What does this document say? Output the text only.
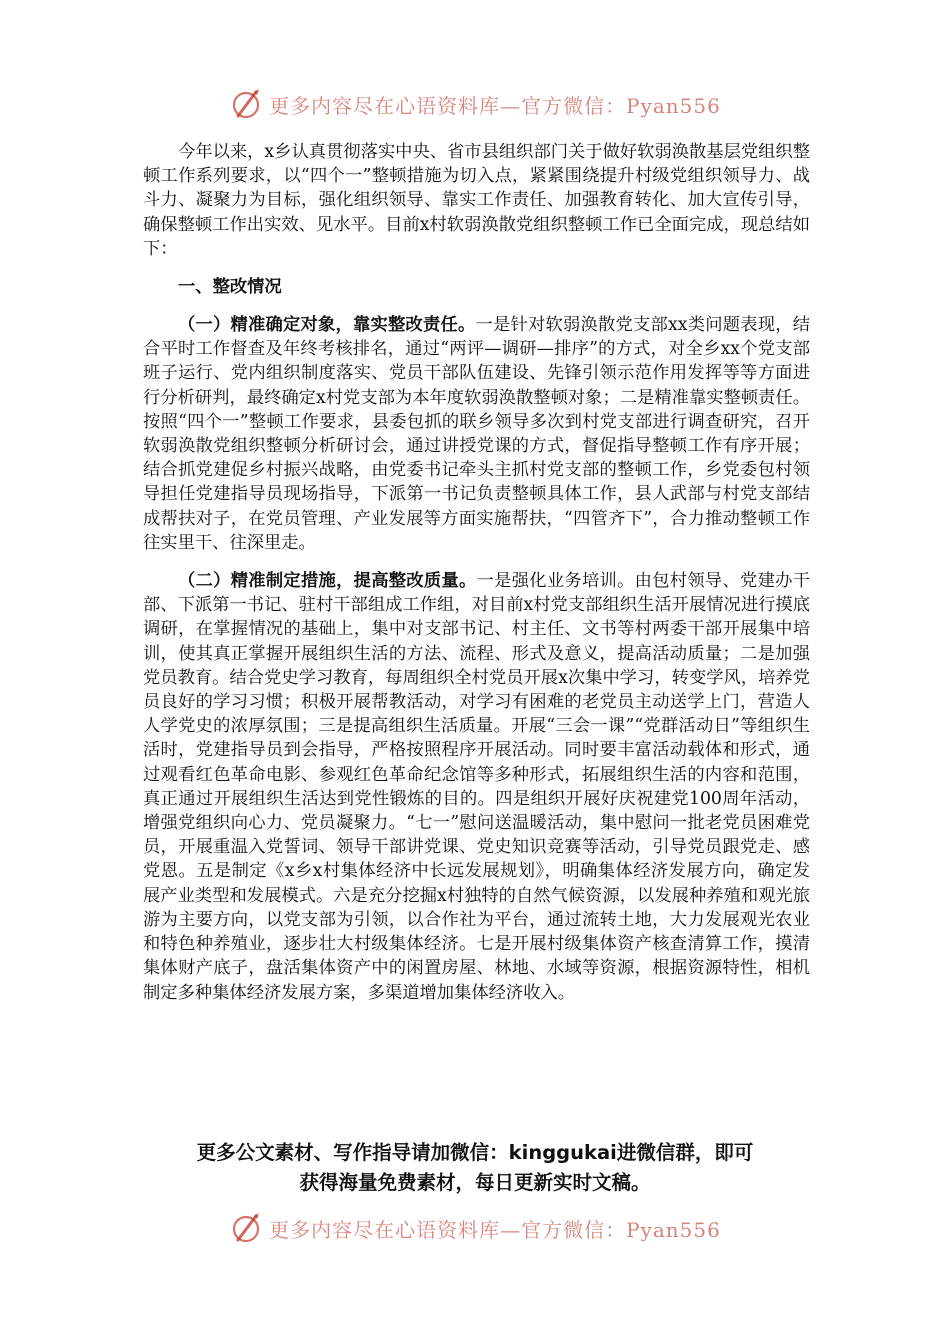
更多内容尽在心语资料库—官方微信：Pyan556

今年以来，x乡认真贯彻落实中央、省市县组织部门关于做好软弱涣散基层党组织整顿工作系列要求，以“四个一”整顿措施为切入点，紧紧围绕提升村级党组织领导力、战斗力、凝聚力为目标，强化组织领导、靠实工作责任、加强教育转化、加大宣传引导，确保整顿工作出实效、见水平。目前x村软弱涣散党组织整顿工作已全面完成，现总结如下：

一、整改情况

（一）精准确定对象，靠实整改责任。一是针对软弱涣散党支部xx类问题表现，结合平时工作督查及年终考核排名，通过“两评—调研—排序”的方式，对全乡xx个党支部班子运行、党内组织制度落实、党员干部队伍建设、先锋引领示范作用发挥等等方面进行分析研判，最终确定x村党支部为本年度软弱涣散整顿对象；二是精准靠实整顿责任。按照“四个一”整顿工作要求，县委包抓的联乡领导多次到村党支部进行调查研究，召开软弱涣散党组织整顿分析研讨会，通过讲授党课的方式，督促指导整顿工作有序开展；结合抓党建促乡村振兴战略，由党委书记牵头主抓村党支部的整顿工作，乡党委包村领导担任党建指导员现场指导，下派第一书记负责整顿具体工作，县人武部与村党支部结成帮扶对子，在党员管理、产业发展等方面实施帮扶，“四管齐下”，合力推动整顿工作往实里干、往深里走。

（二）精准制定措施，提高整改质量。一是强化业务培训。由包村领导、党建办干部、下派第一书记、驻村干部组成工作组，对目前x村党支部组织生活开展情况进行摸底调研，在掌握情况的基础上，集中对支部书记、村主任、文书等村两委干部开展集中培训，使其真正掌握开展组织生活的方法、流程、形式及意义，提高活动质量；二是加强党员教育。结合党史学习教育，每周组织全村党员开展x次集中学习，转变学风，培养党员良好的学习习惯；积极开展帮教活动，对学习有困难的老党员主动送学上门，营造人人学党史的浓厚氛围；三是提高组织生活质量。开展“三会一课”“党群活动日”等组织生活时，党建指导员到会指导，严格按照程序开展活动。同时要丰富活动载体和形式，通过观看红色革命电影、参观红色革命纪念馆等多种形式，拓展组织生活的内容和范围，真正通过开展组织生活达到党性锻炼的目的。四是组织开展好庆祝建党100周年活动，增强党组织向心力、党员凝聚力。“七一”慰问送温暖活动，集中慰问一批老党员困难党员，开展重温入党誓词、领导干部讲党课、党史知识竞赛等活动，引导党员跟党走、感党恩。五是制定《x乡x村集体经济中长远发展规划》，明确集体经济发展方向，确定发展产业类型和发展模式。六是充分挖掘x村独特的自然气候资源，以发展种养殖和观光旅游为主要方向，以党支部为引领，以合作社为平台，通过流转土地，大力发展观光农业和特色种养殖业，逐步壮大村级集体经济。七是开展村级集体资产核查清算工作，摸清集体财产底子，盘活集体资产中的闲置房屋、林地、水域等资源，根据资源特性，相机制定多种集体经济发展方案，多渠道增加集体经济收入。

更多公文素材、写作指导请加微信：kinggukai进微信群，即可
获得海量免费素材，每日更新实时文稿。
更多内容尽在心语资料库—官方微信：Pyan556
